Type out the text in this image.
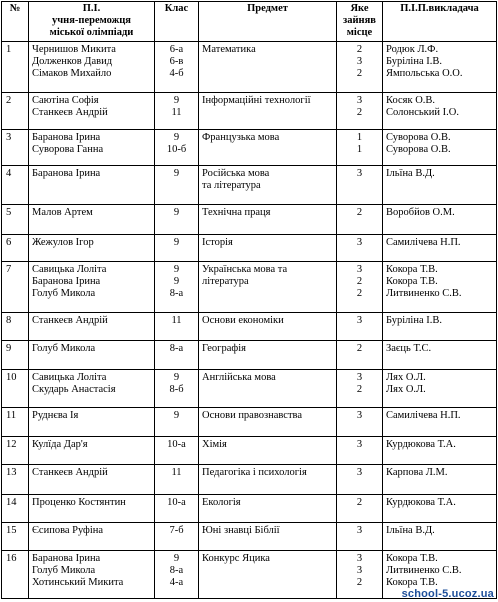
№	П.І.
учня-переможця
міської олімпіади	Клас	Предмет	Яке
зайняв
місце	П.І.П.викладача

1	Чернишов Микита
Долженков Давид
Сімаков Михайло	6-а
6-в
4-б	Математика	2
3
2	Родюк Л.Ф.
Буріліна І.В.
Ямпольська О.О.

2	Саютіна Софія
Станкеєв Андрій	9
11	Інформаційні технології	3
2	Косяк О.В.
Солонський І.О.

3	Баранова Ірина
Суворова Ганна	9
10-б	Французька мова	1
1	Суворова О.В.
Суворова О.В.

4	Баранова Ірина	9	Російська мова
та література	3	Ільїна В.Д.

5	Малов Артем	9	Технічна праця	2	Воробйов О.М.

6	Жежулов Ігор	9	Історія	3	Самилічева Н.П.

7	Савицька Лоліта
Баранова Ірина
Голуб Микола	9
9
8-а	Українська мова та
література	3
2
2	Кокора Т.В.
Кокора Т.В.
Литвиненко С.В.

8	Станкеєв Андрій	11	Основи економіки	3	Буріліна І.В.

9	Голуб Микола	8-а	Географія	2	Заєць Т.С.

10	Савицька Лоліта
Скударь Анастасія	9
8-б	Англійська мова	3
2	Лях О.Л.
Лях О.Л.

11	Руднєва Ія	9	Основи правознавства	3	Самилічева Н.П.

12	Кулїда Дар'я	10-а	Хімія	3	Курдюкова Т.А.

13	Станкеєв Андрій	11	Педагогіка і психологія	3	Карпова Л.М.

14	Проценко Костянтин	10-а	Екологія	2	Курдюкова Т.А.

15	Єсипова Руфіна	7-б	Юні знавці Біблії	3	Ільїна В.Д.

16	Баранова Ірина
Голуб Микола
Хотинський Микита	9
8-а
4-а	Конкурс Яцика	3
3
2	Кокора Т.В.
Литвиненко С.В.
Кокора Т.В.
school-5.ucoz.ua
